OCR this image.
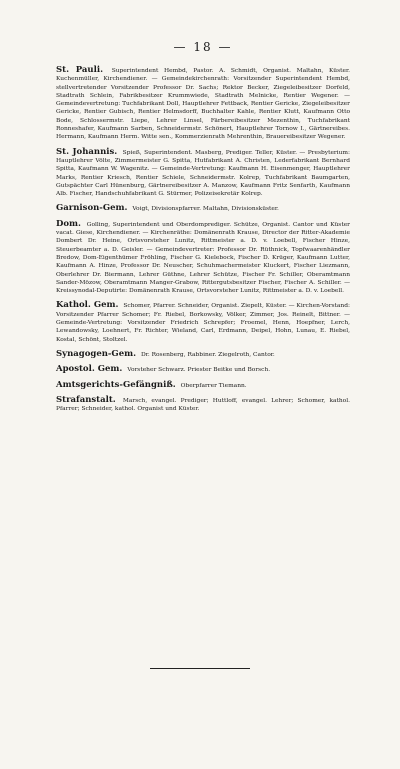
— 18 —
St. Pauli. Superintendent Hembd, Pastor. A. Schmidt, Organist. Maltahn, Küster. Kuchenmüller, Kirchendiener. — Gemeindekirchenrath: Vorsitzender Superintendent Hembd, stellvertretender Vorsitzender Professor Dr. Sachs; Rektor Becker, Ziegeleibesitzer Dorfeld, Stadtrath Schlein, Fabrikbesitzer Krummwiede, Stadtrath Melnicke, Rentier Wegener. — Gemeindevertretung: Tuchfabrikant Doll, Hauptlehrer Fettback, Rentier Gericke, Ziegeleibesitzer Gericke, Rentier Gubisch, Rentier Helmsdorff, Buchhalter Kahle, Rentier Klutt, Kaufmann Otto Bode, Schlossermstr. Liepe, Lehrer Linsel, Färbereibesitzer Mezenthin, Tuchfabrikant Ronneshafer, Kaufmann Sarben, Schneidermstr. Schönert, Hauptlehrer Tornow I., Gärtnereibes. Hermann, Kaufmann Herm. Witte sen., Kommerzienrath Mehrenthin, Brauereibesitzer Wegener.
St. Johannis. Spieß, Superintendent. Masberg, Prediger. Teller, Küster. — Presbyterium: Hauptlehrer Völte, Zimmermeister G. Spitta, Hutfabrikant A. Christen, Lederfabrikant Bernhard Spitta, Kaufmann W. Wagenitz. — Gemeinde-Vertretung: Kaufmann H. Eisenmenger, Hauptlehrer Marks, Rentier Kriesch, Rentier Schiele, Schneidermstr. Kolrep, Tuchfabrikant Baumgarten, Gutspächter Carl Hünenburg, Gärtnereibesitzer A. Manzow, Kaufmann Fritz Senfarth, Kaufmann Alb. Fischer, Handschuhfabrikant G. Stürmer, Polizeisekretär Kolrep.
Garnison-Gem. Voigt, Divisionspfarrer. Maltahn, Divisionsküster.
Dom. Golling, Superintendent und Oberdomprediger. Schütze, Organist. Cantor und Küster vacat. Giese, Kirchendiener. — Kirchenräthe: Domänenrath Krause, Director der Ritter-Akademie Dombert Dr. Heine, Ortsvorsteher Lunitz, Rittmeister a. D. v. Loebell, Fischer Hinze, Steuerbeamter a. D. Geisler. — Gemeindevertreter: Professor Dr. Rüthnick, Topfwaarenhändler Bredow, Dom-Eigenthümer Fröhling, Fischer G. Kielebock, Fischer D. Krüger, Kaufmann Lutter, Kaufmann A. Hinze, Professor Dr. Neuscher, Schuhmachermeister Kluckert, Fischer Liezmann, Oberlehrer Dr. Biermann, Lehrer Güthne, Lehrer Schütze, Fischer Fr. Schiller, Oberamtmann Sander-Mözow, Oberamtmann Manger-Grabow, Rittergutsbesitzer Fischer, Fischer A. Schiller. — Kreissynodal-Deputirte: Domänenrath Krause, Ortsvorsteher Lunitz, Rittmeister a. D. v. Loebell.
Kathol. Gem. Schomer, Pfarrer. Schneider, Organist. Ziepelt, Küster. — Kirchen-Vorstand: Vorsitzender Pfarrer Schomer; Fr. Riebel, Borkowsky, Völker, Zimmer, Jos. Reinelt, Bittner. — Gemeinde-Vertretung: Vorsitzender Friedrich Schrepfer; Froemel, Henn, Hoepfner, Lerch, Lewandowsky, Loehnert, Fr. Richter, Wieland, Carl, Erdmann, Deipel, Hohn, Lunau, E. Riebel, Kostal, Schönt, Stoltzel.
Synagogen-Gem. Dr. Rosenberg, Rabbiner. Ziegelroth, Cantor.
Apostol. Gem. Vorsteher Schwarz. Priester Beitke und Borsch.
Amtsgerichts-Gefängniß. Oberpfarrer Tiemann.
Strafanstalt. Marsch, evangel. Prediger; Huttloff, evangel. Lehrer; Schomer, kathol. Pfarrer; Schneider, kathol. Organist und Küster.
